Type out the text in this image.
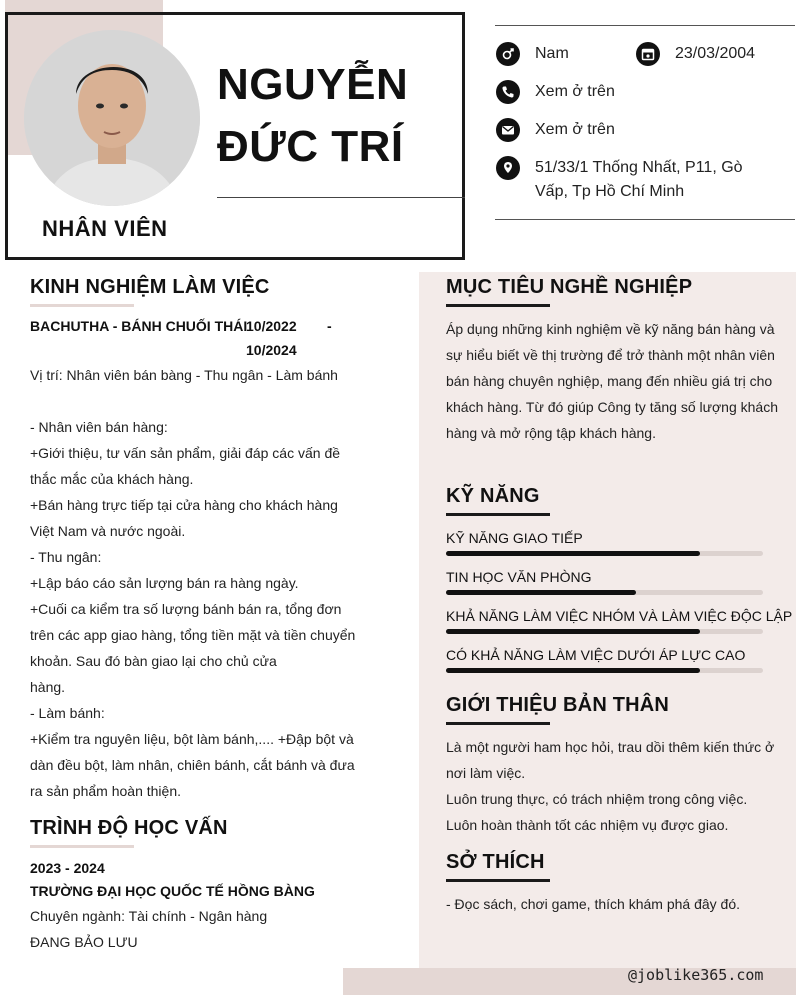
NHÂN VIÊN
NGUYỄN
ĐỨC TRÍ
Nam	23/03/2004
Xem ở trên
Xem ở trên
51/33/1 Thống Nhất, P11, Gò
Vấp, Tp Hồ Chí Minh
KINH NGHIỆM LÀM VIỆC
BACHUTHA - BÁNH CHUỐI THÁI
10/2022 -
10/2024
Vị trí: Nhân viên bán bàng - Thu ngân - Làm bánh
- Nhân viên bán hàng:
+Giới thiệu, tư vấn sản phẩm, giải đáp các vấn đề
thắc mắc của khách hàng.
+Bán hàng trực tiếp tại cửa hàng cho khách hàng
Việt Nam và nước ngoài.
- Thu ngân:
+Lập báo cáo sản lượng bán ra hàng ngày.
+Cuối ca kiểm tra số lượng bánh bán ra, tổng đơn
trên các app giao hàng, tổng tiền mặt và tiền chuyển
khoản. Sau đó bàn giao lại cho chủ cửa
hàng.
- Làm bánh:
+Kiểm tra nguyên liệu, bột làm bánh,.... +Đập bột và
dàn đều bột, làm nhân, chiên bánh, cắt bánh và đưa
ra sản phẩm hoàn thiện.
TRÌNH ĐỘ HỌC VẤN
2023 - 2024
TRƯỜNG ĐẠI HỌC QUỐC TẾ HỒNG BÀNG
Chuyên ngành: Tài chính - Ngân hàng
ĐANG BẢO LƯU
MỤC TIÊU NGHỀ NGHIỆP
Áp dụng những kinh nghiệm về kỹ năng bán hàng và
sự hiểu biết về thị trường để trở thành một nhân viên
bán hàng chuyên nghiệp, mang đến nhiều giá trị cho
khách hàng. Từ đó giúp Công ty tăng số lượng khách
hàng và mở rộng tập khách hàng.
KỸ NĂNG
KỸ NĂNG GIAO TIẾP
TIN HỌC VĂN PHÒNG
KHẢ NĂNG LÀM VIỆC NHÓM VÀ LÀM VIỆC ĐỘC LẬP
CÓ KHẢ NĂNG LÀM VIỆC DƯỚI ÁP LỰC CAO
GIỚI THIỆU BẢN THÂN
Là một người ham học hỏi, trau dồi thêm kiến thức ở
nơi làm việc.
Luôn trung thực, có trách nhiệm trong công việc.
Luôn hoàn thành tốt các nhiệm vụ được giao.
SỞ THÍCH
- Đọc sách, chơi game, thích khám phá đây đó.
@joblike365.com
